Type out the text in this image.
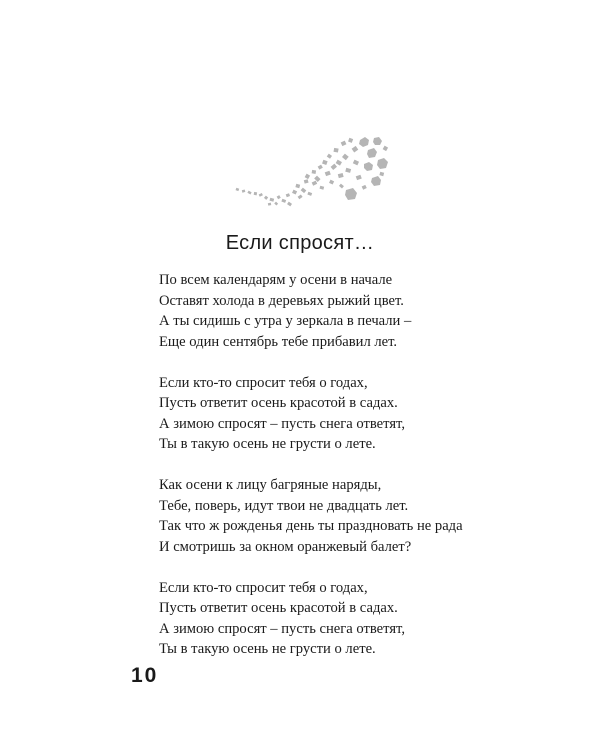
Если спросят…
По всем календарям у осени в начале
Оставят холода в деревьях рыжий цвет.
А ты сидишь с утра у зеркала в печали –
Еще один сентябрь тебе прибавил лет.
Если кто-то спросит тебя о годах,
Пусть ответит осень красотой в садах.
А зимою спросят – пусть снега ответят,
Ты в такую осень не грусти о лете.
Как осени к лицу багряные наряды,
Тебе, поверь, идут твои не двадцать лет.
Так что ж рожденья день ты праздновать не рада
И смотришь за окном оранжевый балет?
Если кто-то спросит тебя о годах,
Пусть ответит осень красотой в садах.
А зимою спросят – пусть снега ответят,
Ты в такую осень не грусти о лете.
10
